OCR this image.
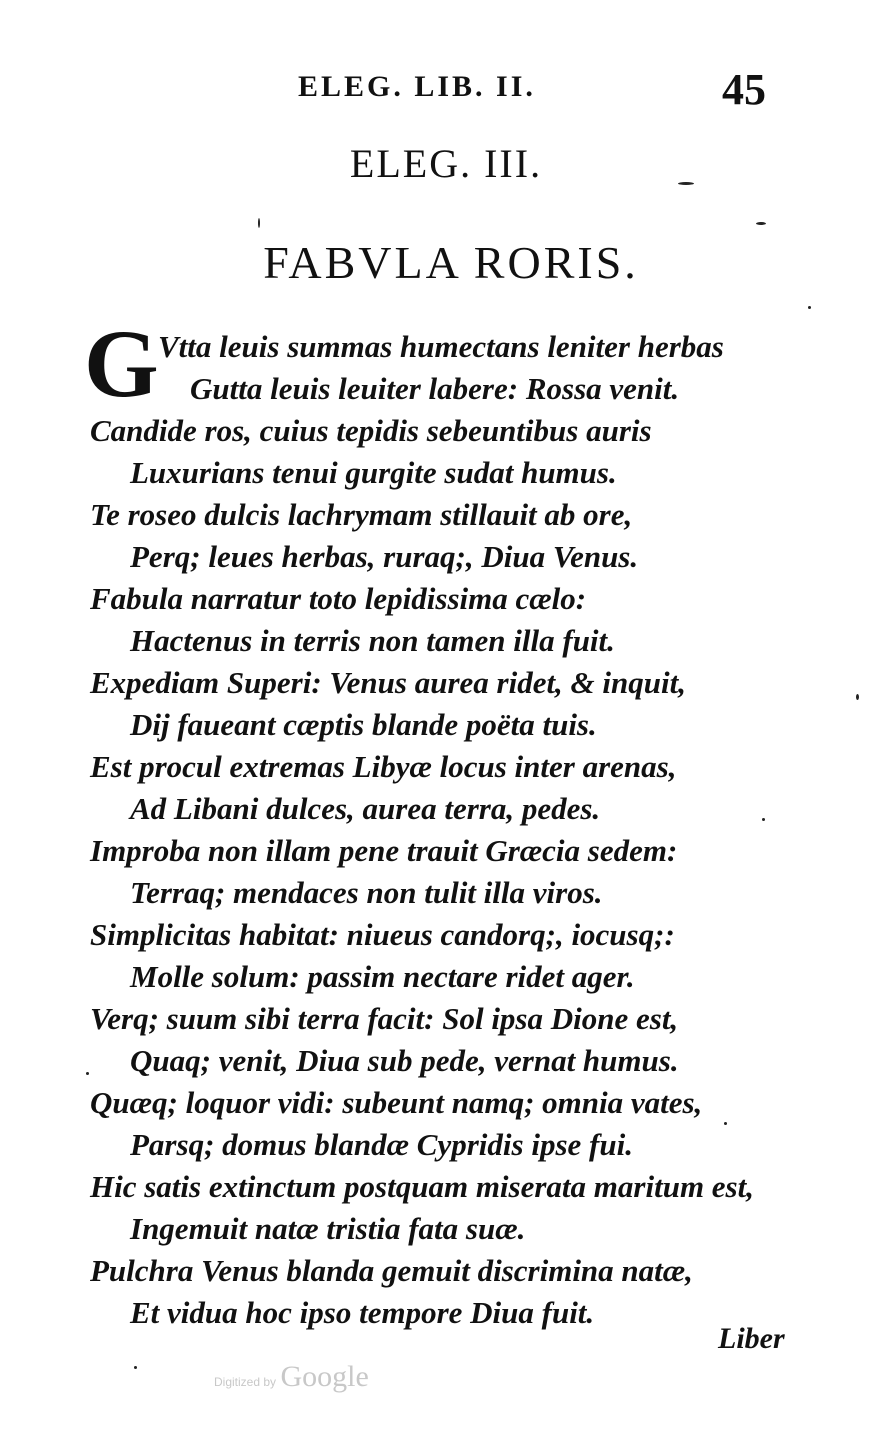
ELEG. LIB. II.	45
ELEG. III.
FABVLA RORIS.
G Vtta leuis summas humectans leniter herbas
Gutta leuis leuiter labere: Rossa venit.
Candide ros, cuius tepidis sebeuntibus auris
Luxurians tenui gurgite sudat humus.
Te roseo dulcis lachrymam stillauit ab ore,
Perq; leues herbas, ruraq;, Diua Venus.
Fabula narratur toto lepidissima cælo:
Hactenus in terris non tamen illa fuit.
Expediam Superi: Venus aurea ridet, & inquit,
Dij faueant cæptis blande poëta tuis.
Est procul extremas Libyæ locus inter arenas,
Ad Libani dulces, aurea terra, pedes.
Improba non illam pene trauit Græcia sedem:
Terraq; mendaces non tulit illa viros.
Simplicitas habitat: niueus candorq;, iocusq;:
Molle solum: passim nectare ridet ager.
Verq; suum sibi terra facit: Sol ipsa Dione est,
Quaq; venit, Diua sub pede, vernat humus.
Quæq; loquor vidi: subeunt namq; omnia vates,
Parsq; domus blandæ Cypridis ipse fui.
Hic satis extinctum postquam miserata maritum est,
Ingemuit natæ tristia fata suæ.
Pulchra Venus blanda gemuit discrimina natæ,
Et vidua hoc ipso tempore Diua fuit.
Liber
Digitized by Google
